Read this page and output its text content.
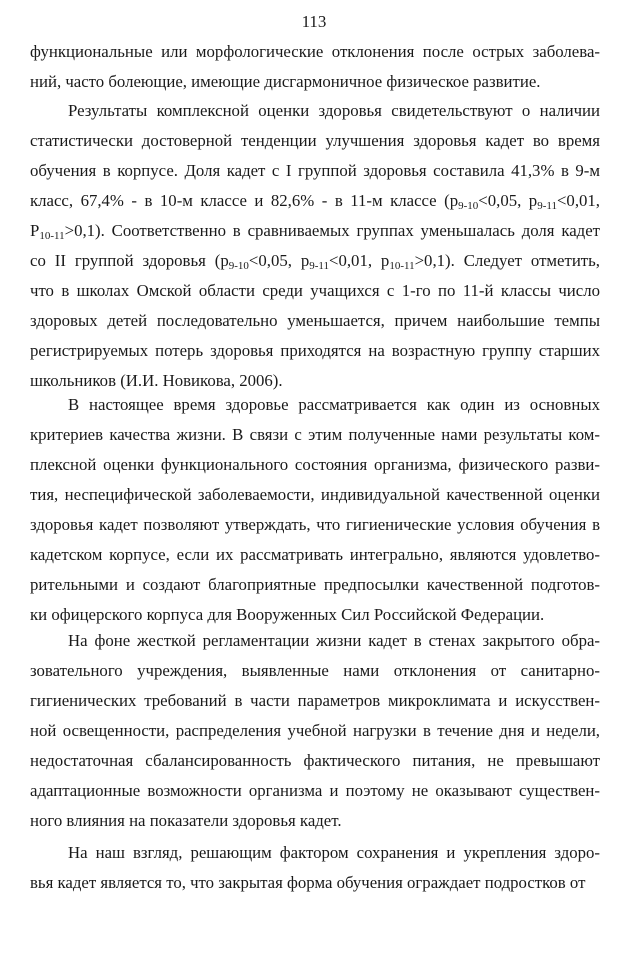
113
функциональные или морфологические отклонения после острых заболева-
ний, часто болеющие, имеющие дисгармоничное физическое развитие.
Результаты комплексной оценки здоровья свидетельствуют о наличии
статистически достоверной тенденции улучшения здоровья кадет во время
обучения в корпусе. Доля кадет с I группой здоровья составила 41,3% в 9-м
класс, 67,4% - в 10-м классе и 82,6% - в 11-м классе ($p_{9-10}<0,05$, $p_{9-11}<0,01$,
$P_{10-11}>0,1$). Соответственно в сравниваемых группах уменьшалась доля кадет
со II группой здоровья ($p_{9-10}<0,05$, $p_{9-11}<0,01$, $p_{10-11}>0,1$). Следует отметить,
что в школах Омской области среди учащихся с 1-го по 11-й классы число
здоровых детей последовательно уменьшается, причем наибольшие темпы
регистрируемых потерь здоровья приходятся на возрастную группу старших
школьников (И.И. Новикова, 2006).
В настоящее время здоровье рассматривается как один из основных
критериев качества жизни. В связи с этим полученные нами результаты ком-
плексной оценки функционального состояния организма, физического разви-
тия, неспецифической заболеваемости, индивидуальной качественной оценки
здоровья кадет позволяют утверждать, что гигиенические условия обучения в
кадетском корпусе, если их рассматривать интегрально, являются удовлетво-
рительными и создают благоприятные предпосылки качественной подготов-
ки офицерского корпуса для Вооруженных Сил Российской Федерации.
На фоне жесткой регламентации жизни кадет в стенах закрытого обра-
зовательного учреждения, выявленные нами отклонения от санитарно-
гигиенических требований в части параметров микроклимата и искусствен-
ной освещенности, распределения учебной нагрузки в течение дня и недели,
недостаточная сбалансированность фактического питания, не превышают
адаптационные возможности организма и поэтому не оказывают существен-
ного влияния на показатели здоровья кадет.
На наш взгляд, решающим фактором сохранения и укрепления здоро-
вья кадет является то, что закрытая форма обучения ограждает подростков от
